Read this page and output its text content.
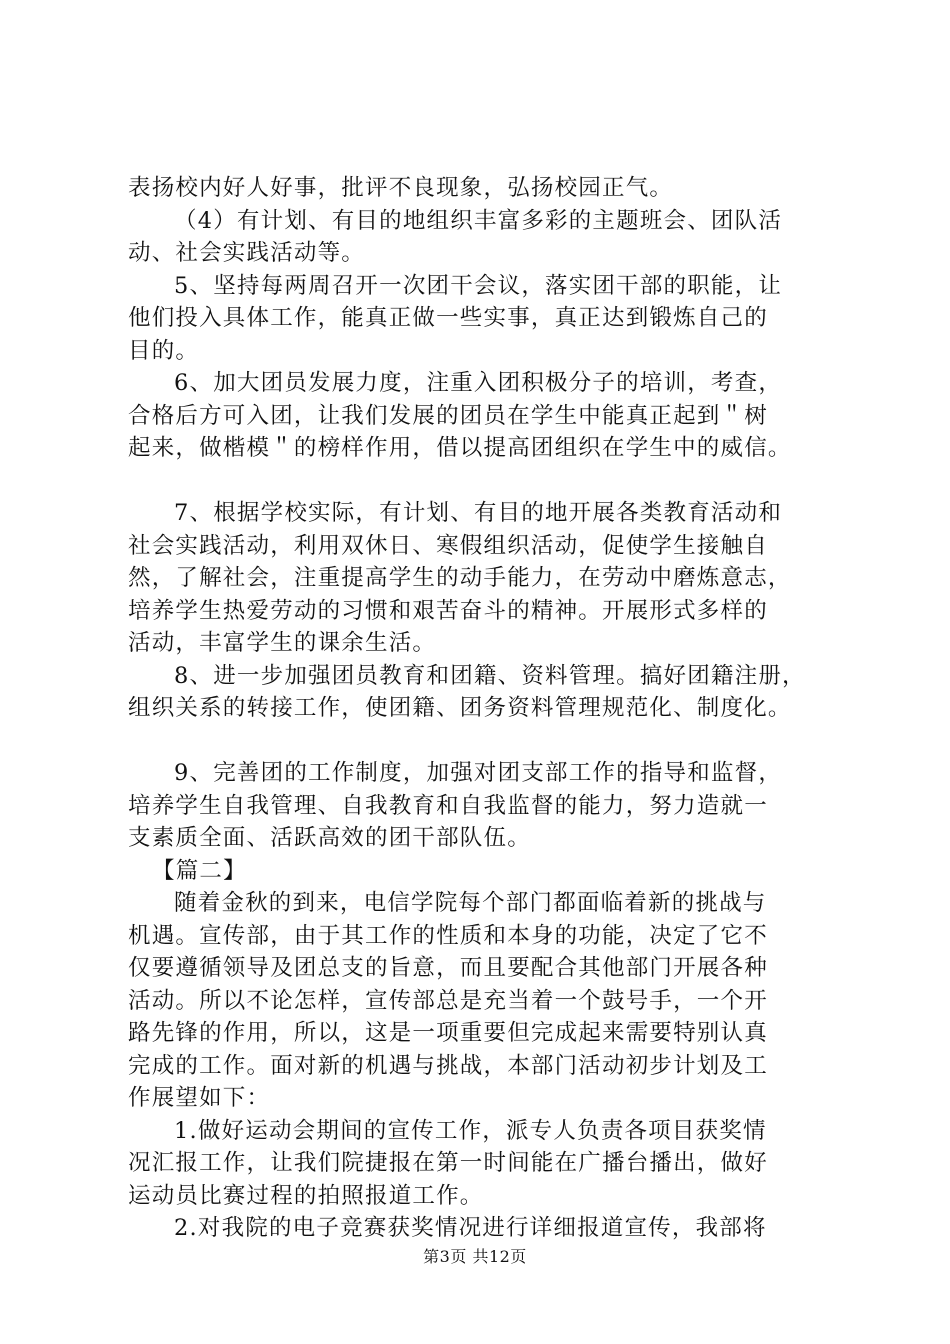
表扬校内好人好事，批评不良现象，弘扬校园正气。
（4）有计划、有目的地组织丰富多彩的主题班会、团队活
动、社会实践活动等。
5、坚持每两周召开一次团干会议，落实团干部的职能，让
他们投入具体工作，能真正做一些实事，真正达到锻炼自己的
目的。
6、加大团员发展力度，注重入团积极分子的培训，考查，
合格后方可入团，让我们发展的团员在学生中能真正起到＂树
起来，做楷模＂的榜样作用，借以提高团组织在学生中的威信。
7、根据学校实际，有计划、有目的地开展各类教育活动和
社会实践活动，利用双休日、寒假组织活动，促使学生接触自
然，了解社会，注重提高学生的动手能力，在劳动中磨炼意志，
培养学生热爱劳动的习惯和艰苦奋斗的精神。开展形式多样的
活动，丰富学生的课余生活。
8、进一步加强团员教育和团籍、资料管理。搞好团籍注册，
组织关系的转接工作，使团籍、团务资料管理规范化、制度化。
9、完善团的工作制度，加强对团支部工作的指导和监督，
培养学生自我管理、自我教育和自我监督的能力，努力造就一
支素质全面、活跃高效的团干部队伍。
【篇二】
随着金秋的到来，电信学院每个部门都面临着新的挑战与
机遇。宣传部，由于其工作的性质和本身的功能，决定了它不
仅要遵循领导及团总支的旨意，而且要配合其他部门开展各种
活动。所以不论怎样，宣传部总是充当着一个鼓号手，一个开
路先锋的作用，所以，这是一项重要但完成起来需要特别认真
完成的工作。面对新的机遇与挑战，本部门活动初步计划及工
作展望如下：
1.做好运动会期间的宣传工作，派专人负责各项目获奖情
况汇报工作，让我们院捷报在第一时间能在广播台播出，做好
运动员比赛过程的拍照报道工作。
2.对我院的电子竞赛获奖情况进行详细报道宣传，我部将
第3页 共12页
